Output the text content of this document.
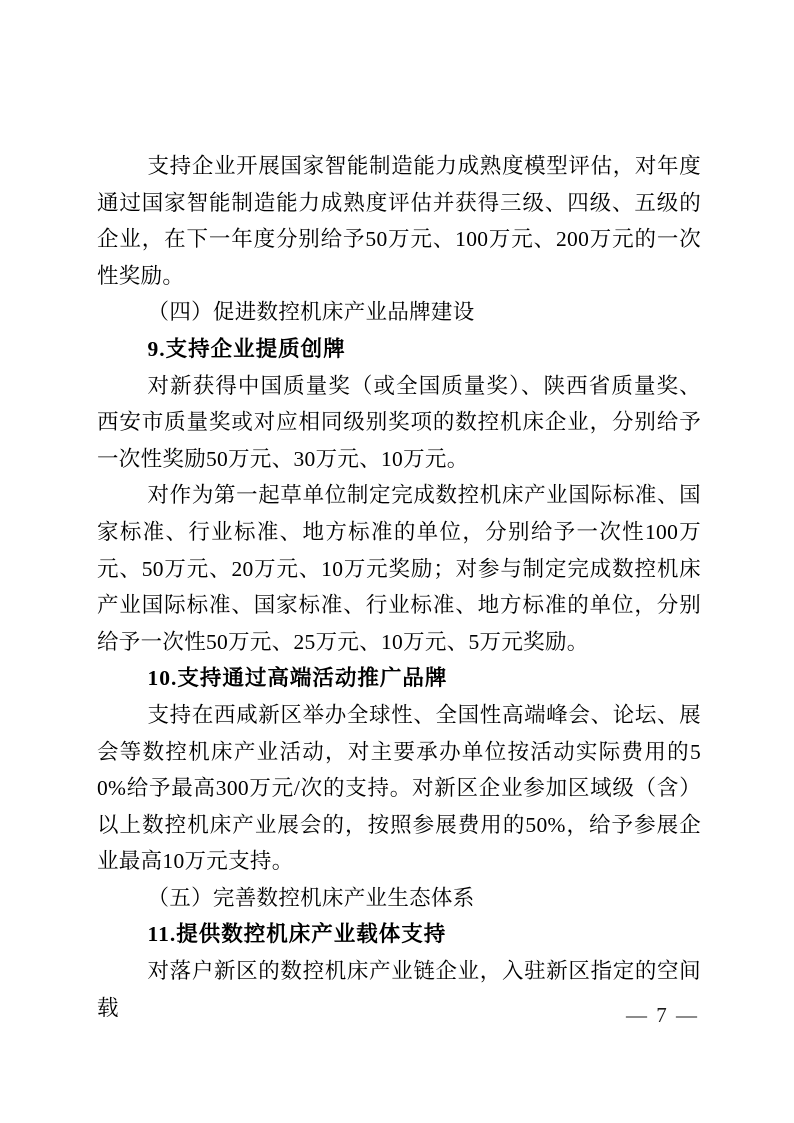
支持企业开展国家智能制造能力成熟度模型评估，对年度通过国家智能制造能力成熟度评估并获得三级、四级、五级的企业，在下一年度分别给予50万元、100万元、200万元的一次性奖励。

（四）促进数控机床产业品牌建设

9.支持企业提质创牌

对新获得中国质量奖（或全国质量奖）、陕西省质量奖、西安市质量奖或对应相同级别奖项的数控机床企业，分别给予一次性奖励50万元、30万元、10万元。

对作为第一起草单位制定完成数控机床产业国际标准、国家标准、行业标准、地方标准的单位，分别给予一次性100万元、50万元、20万元、10万元奖励；对参与制定完成数控机床产业国际标准、国家标准、行业标准、地方标准的单位，分别给予一次性50万元、25万元、10万元、5万元奖励。

10.支持通过高端活动推广品牌

支持在西咸新区举办全球性、全国性高端峰会、论坛、展会等数控机床产业活动，对主要承办单位按活动实际费用的50%给予最高300万元/次的支持。对新区企业参加区域级（含）以上数控机床产业展会的，按照参展费用的50%，给予参展企业最高10万元支持。

（五）完善数控机床产业生态体系

11.提供数控机床产业载体支持

对落户新区的数控机床产业链企业，入驻新区指定的空间载	— 7 —
